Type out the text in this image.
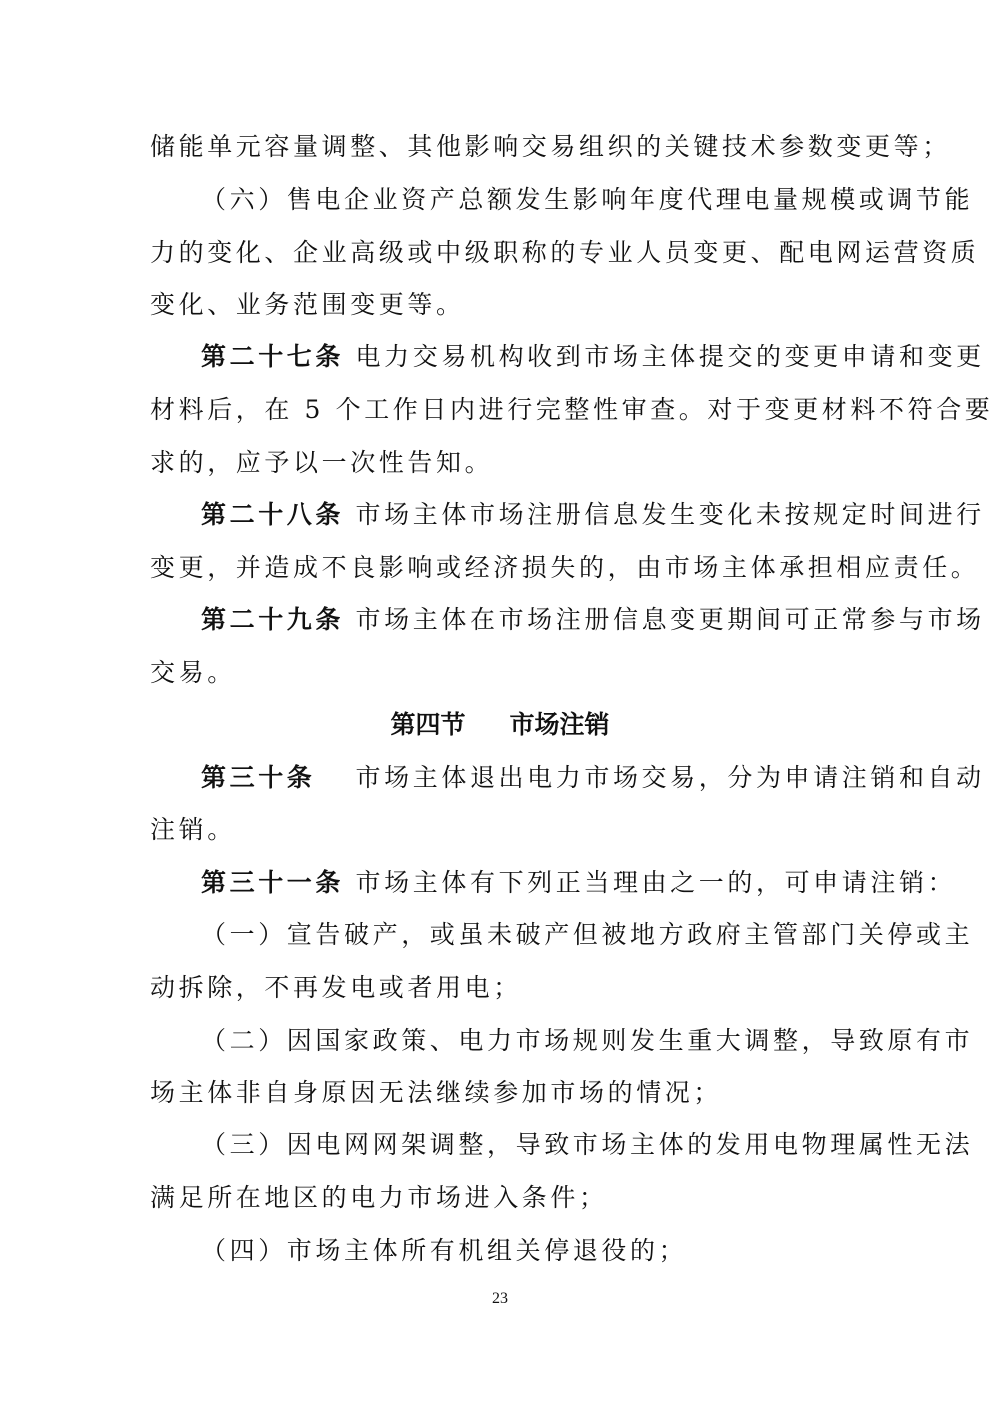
储能单元容量调整、其他影响交易组织的关键技术参数变更等；
（六）售电企业资产总额发生影响年度代理电量规模或调节能
力的变化、企业高级或中级职称的专业人员变更、配电网运营资质
变化、业务范围变更等。
第二十七条 电力交易机构收到市场主体提交的变更申请和变更
材料后，在 5 个工作日内进行完整性审查。对于变更材料不符合要
求的，应予以一次性告知。
第二十八条 市场主体市场注册信息发生变化未按规定时间进行
变更，并造成不良影响或经济损失的，由市场主体承担相应责任。
第二十九条 市场主体在市场注册信息变更期间可正常参与市场
交易。
第四节 市场注销
第三十条　 市场主体退出电力市场交易，分为申请注销和自动
注销。
第三十一条 市场主体有下列正当理由之一的，可申请注销：
（一）宣告破产，或虽未破产但被地方政府主管部门关停或主
动拆除，不再发电或者用电；
（二）因国家政策、电力市场规则发生重大调整，导致原有市
场主体非自身原因无法继续参加市场的情况；
（三）因电网网架调整，导致市场主体的发用电物理属性无法
满足所在地区的电力市场进入条件；
（四）市场主体所有机组关停退役的；
23
